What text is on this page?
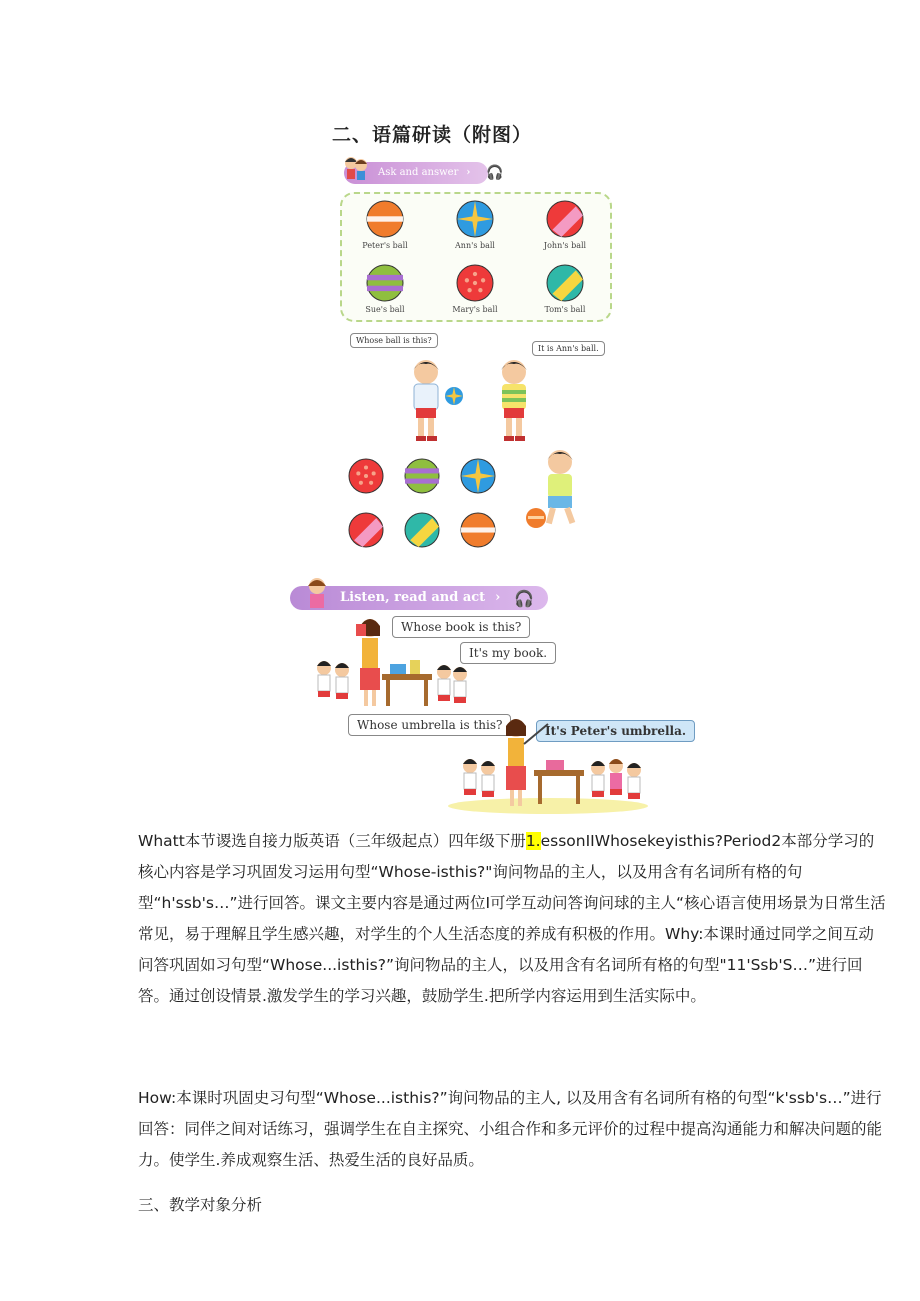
二、语篇研读（附图）
Ask and answer ›	🎧
Peter's ball	Ann's ball	John's ball
Sue's ball	Mary's ball	Tom's ball
Whose ball is this?
It is Ann's ball.
Listen, read and act › 🎧
Whose book is this?
It's my book.
Whose umbrella is this?	It's Peter's umbrella.
Whatt本节谡选自接力版英语（三年级起点）四年级下册1.essonIIWhosekeyisthis?Period2本部分学习的核心内容是学习巩固发习运用句型“Whose-isthis?"询问物品的主人，以及用含有名词所有格的句型“h'ssb's…”进行回答。课文主要内容是通过两位I可学互动问答询问球的主人“核心语言使用场景为日常生活常见，易于理解且学生感兴趣，对学生的个人生活态度的养成有积极的作用。Why:本课时通过同学之间互动问答巩固如习句型“Whose...isthis?”询问物品的主人，以及用含有名词所有格的句型"11'Ssb'S…”进行回答。通过创设情景.激发学生的学习兴趣，鼓励学生.把所学内容运用到生活实际中。
How:本课时巩固史习句型“Whose...isthis?”询问物品的主人, 以及用含有名词所有格的句型“k'ssb's…”进行回答：同伴之间对话练习，强调学生在自主探究、小组合作和多元评价的过程中提高沟通能力和解决问题的能力。使学生.养成观察生活、热爱生活的良好品质。
三、教学对象分析
